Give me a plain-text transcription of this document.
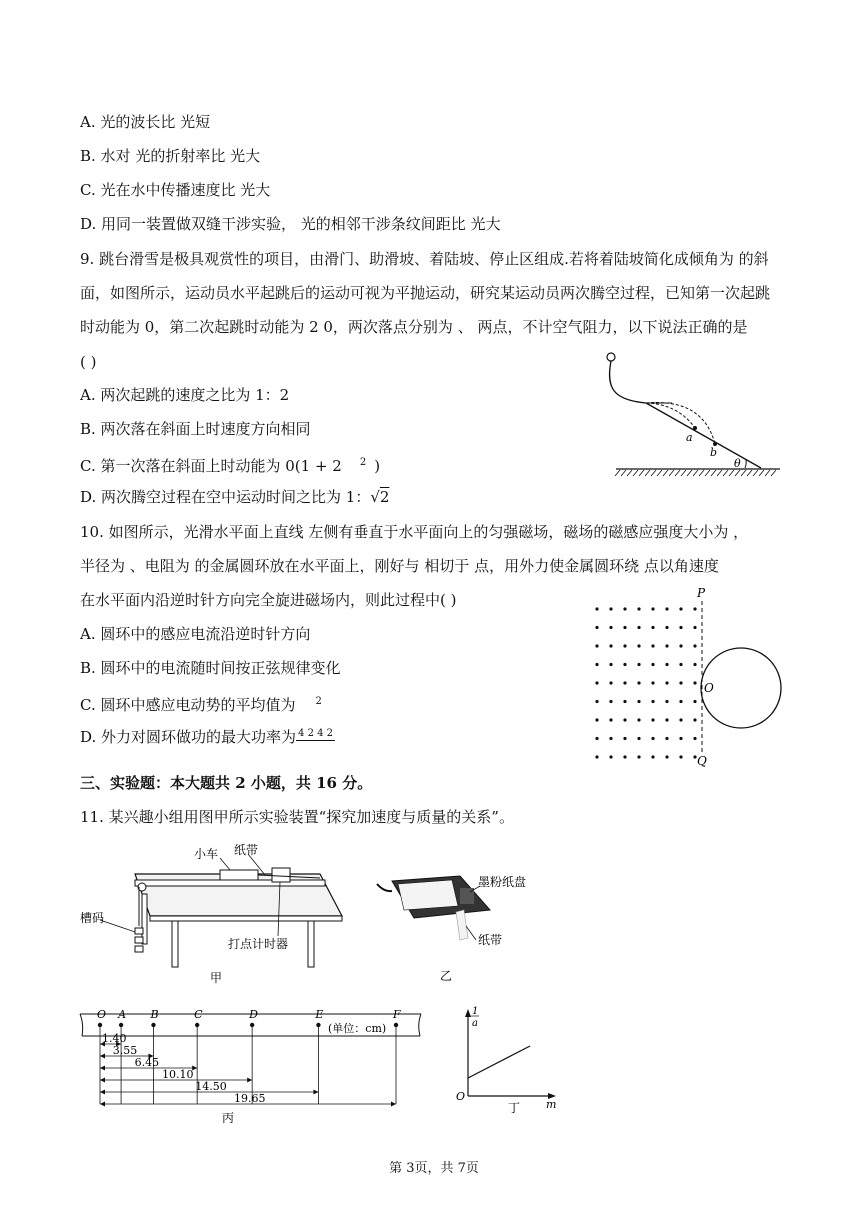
A. 光的波长比 光短
B. 水对 光的折射率比 光大
C. 光在水中传播速度比 光大
D. 用同一装置做双缝干涉实验， 光的相邻干涉条纹间距比 光大
9. 跳台滑雪是极具观赏性的项目，由滑门、助滑坡、着陆坡、停止区组成.若将着陆坡简化成倾角为 的斜
面，如图所示，运动员水平起跳后的运动可视为平抛运动，研究某运动员两次腾空过程，已知第一次起跳
时动能为 0，第二次起跳时动能为 2 0，两次落点分别为 、 两点，不计空气阻力，以下说法正确的是
( )
A. 两次起跳的速度之比为 1：2
B. 两次落在斜面上时速度方向相同
C. 第一次落在斜面上时动能为 0(1 + 2 $^2$ )
D. 两次腾空过程在空中运动时间之比为 1：√2
a
b
θ
10. 如图所示，光滑水平面上直线 左侧有垂直于水平面向上的匀强磁场，磁场的磁感应强度大小为 ，
半径为 、电阻为 的金属圆环放在水平面上，刚好与 相切于 点，用外力使金属圆环绕 点以角速度
在水平面内沿逆时针方向完全旋进磁场内，则此过程中( )
A. 圆环中的感应电流沿逆时针方向
B. 圆环中的电流随时间按正弦规律变化
C. 圆环中感应电动势的平均值为 $^2$
D. 外力对圆环做功的最大功率为 4 2 4 2
P
O
Q
三、实验题：本大题共 2 小题，共 16 分。
11. 某兴趣小组用图甲所示实验装置“探究加速度与质量的关系”。
小车 纸带
槽码
打点计时器
甲
墨粉纸盘
纸带
乙
O A B	C	D	E	F
1.40
3.55
6.45
10.10
14.50
19.65
(单位：cm)
丙
1
a
O
m
丁
第 3页，共 7页
